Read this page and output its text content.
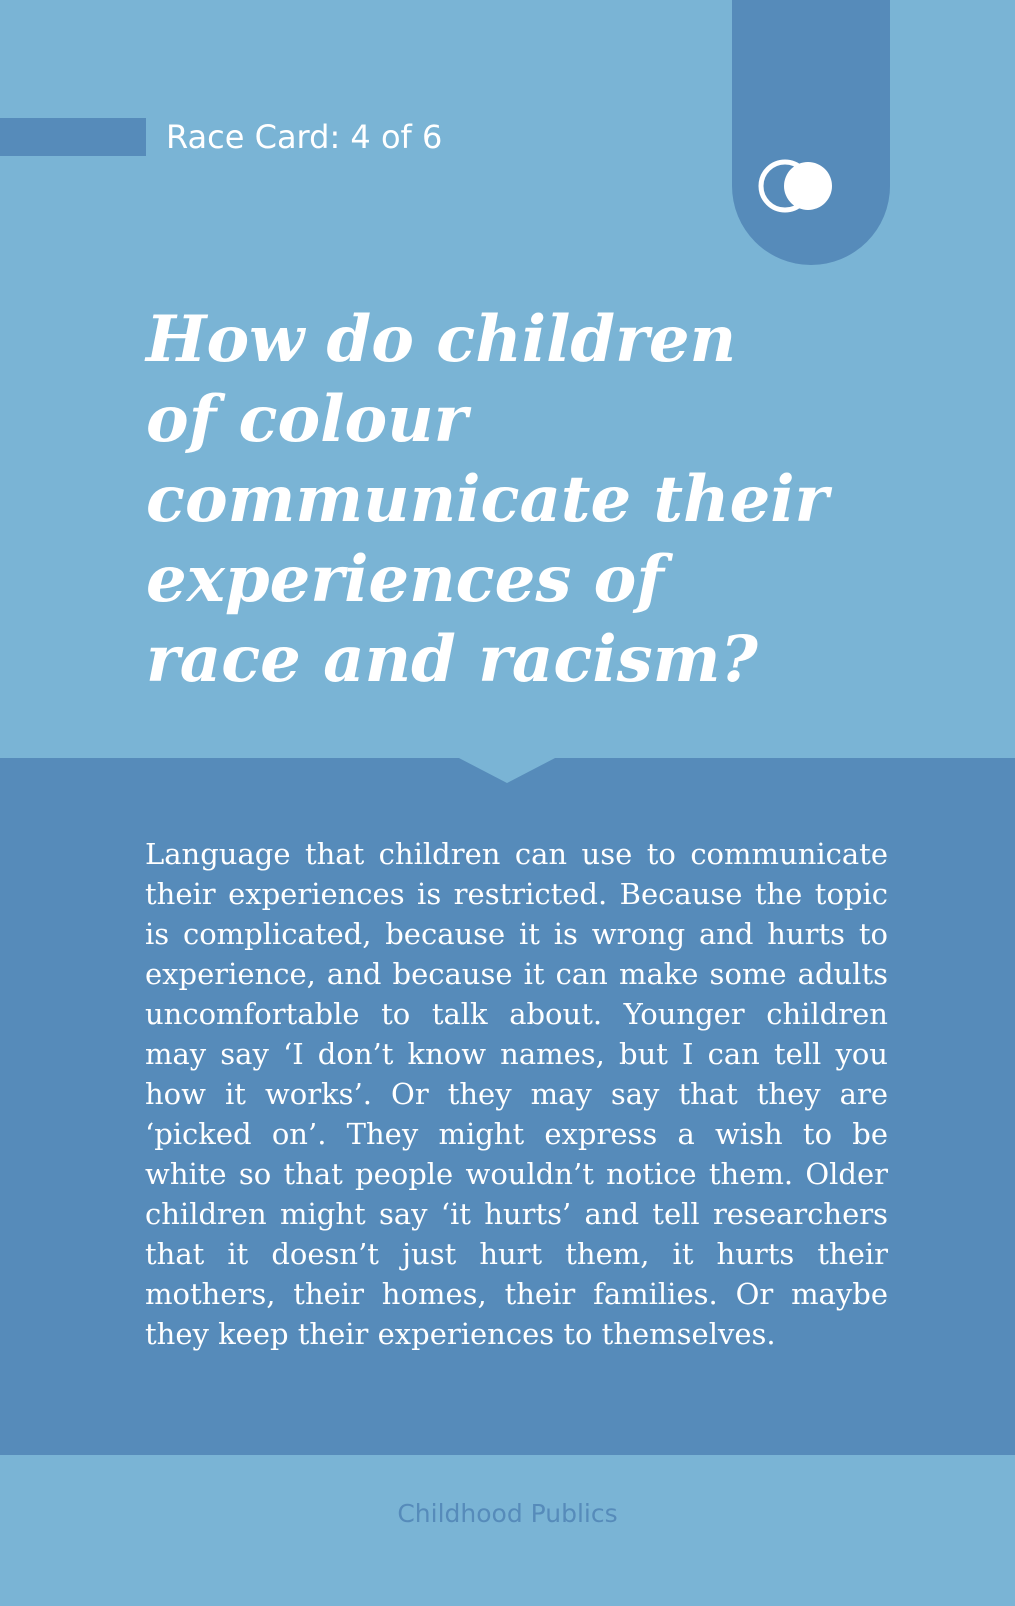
Race Card: 4 of 6
How do children
of colour
communicate their
experiences of
race and racism?

Language that children can use to communicate their experiences is restricted. Because the topic is complicated, because it is wrong and hurts to experience, and because it can make some adults uncomfortable to talk about. Younger children may say ‘I don’t know names, but I can tell you how it works’. Or they may say that they are ‘picked on’. They might express a wish to be white so that people wouldn’t notice them. Older children might say ‘it hurts’ and tell researchers that it doesn’t just hurt them, it hurts their mothers, their homes, their families. Or maybe they keep their experiences to themselves.

Childhood Publics
